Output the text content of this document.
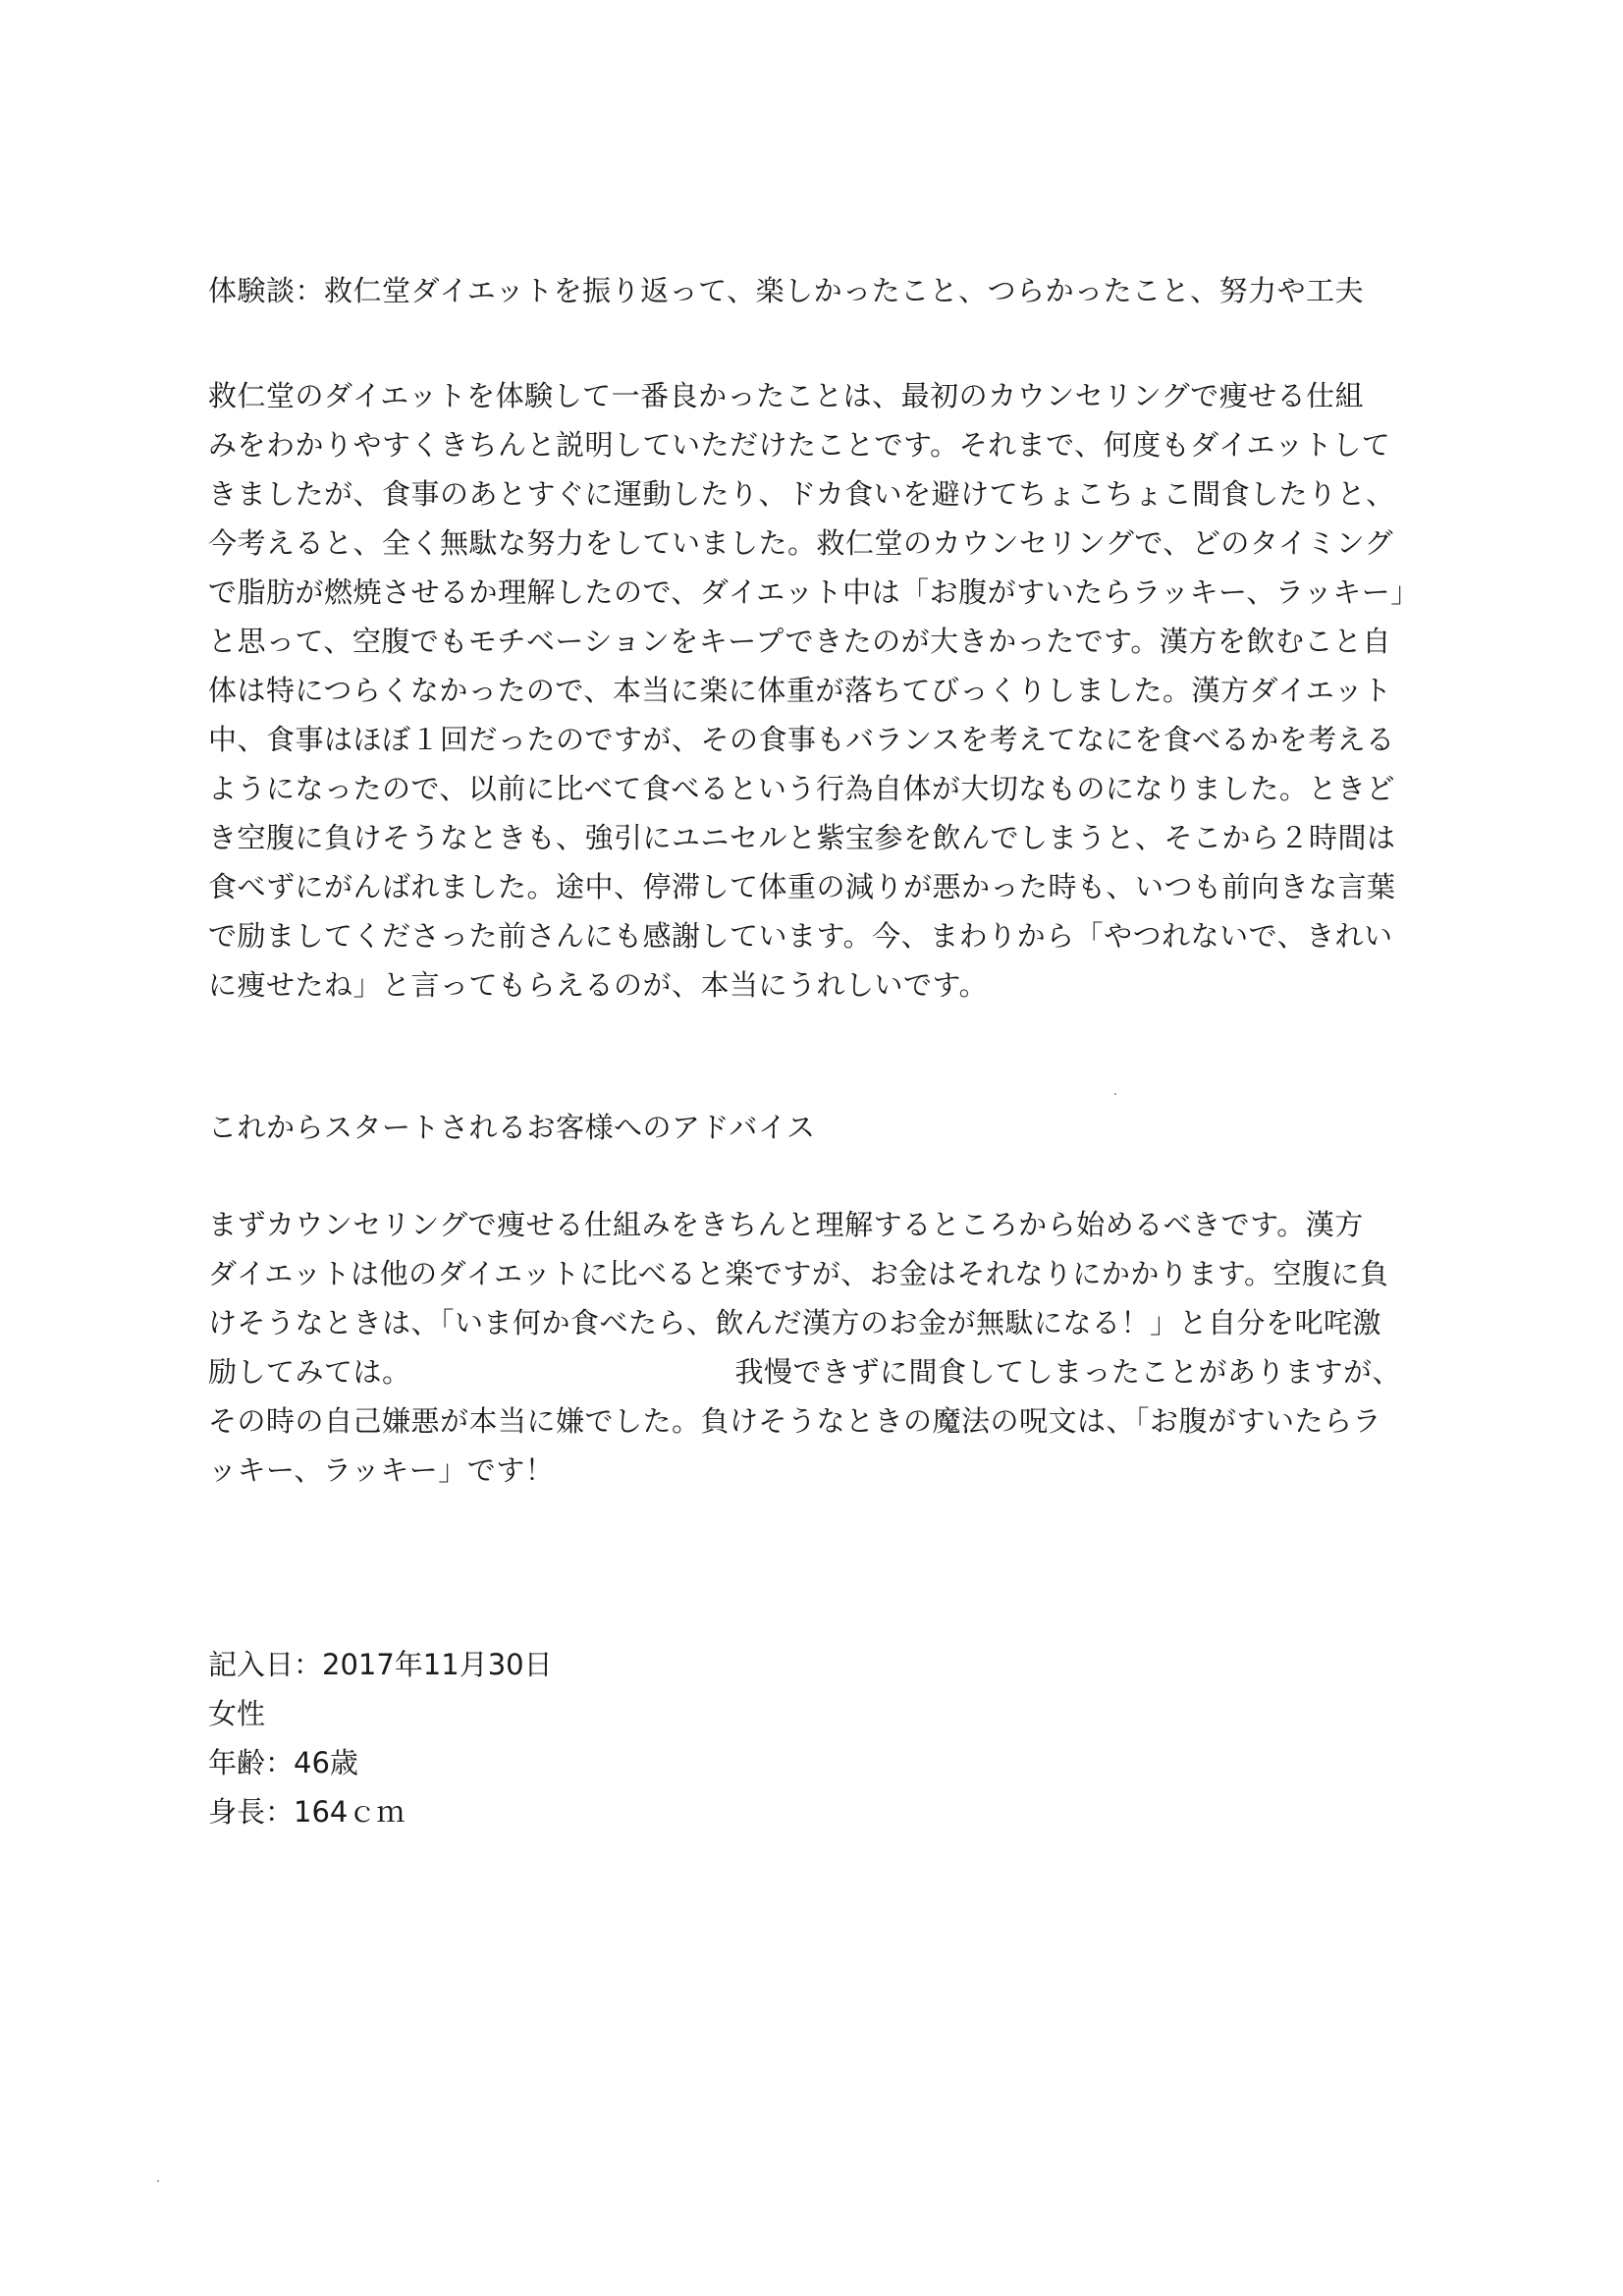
体験談：救仁堂ダイエットを振り返って、楽しかったこと、つらかったこと、努力や工夫
救仁堂のダイエットを体験して一番良かったことは、最初のカウンセリングで痩せる仕組
みをわかりやすくきちんと説明していただけたことです。それまで、何度もダイエットして
きましたが、食事のあとすぐに運動したり、ドカ食いを避けてちょこちょこ間食したりと、
今考えると、全く無駄な努力をしていました。救仁堂のカウンセリングで、どのタイミング
で脂肪が燃焼させるか理解したので、ダイエット中は「お腹がすいたらラッキー、ラッキー」
と思って、空腹でもモチベーションをキープできたのが大きかったです。漢方を飲むこと自
体は特につらくなかったので、本当に楽に体重が落ちてびっくりしました。漢方ダイエット
中、食事はほぼ１回だったのですが、その食事もバランスを考えてなにを食べるかを考える
ようになったので、以前に比べて食べるという行為自体が大切なものになりました。ときど
き空腹に負けそうなときも、強引にユニセルと紫宝参を飲んでしまうと、そこから２時間は
食べずにがんばれました。途中、停滞して体重の減りが悪かった時も、いつも前向きな言葉
で励ましてくださった前さんにも感謝しています。今、まわりから「やつれないで、きれい
に痩せたね」と言ってもらえるのが、本当にうれしいです。
これからスタートされるお客様へのアドバイス
まずカウンセリングで痩せる仕組みをきちんと理解するところから始めるべきです。漢方
ダイエットは他のダイエットに比べると楽ですが、お金はそれなりにかかります。空腹に負
けそうなときは、「いま何か食べたら、飲んだ漢方のお金が無駄になる！」と自分を叱咤激
励してみては。	我慢できずに間食してしまったことがありますが、
その時の自己嫌悪が本当に嫌でした。負けそうなときの魔法の呪文は、「お腹がすいたらラ
ッキー、ラッキー」です！
記入日：2017年11月30日
女性
年齢：46歳
身長：164ｃｍ
